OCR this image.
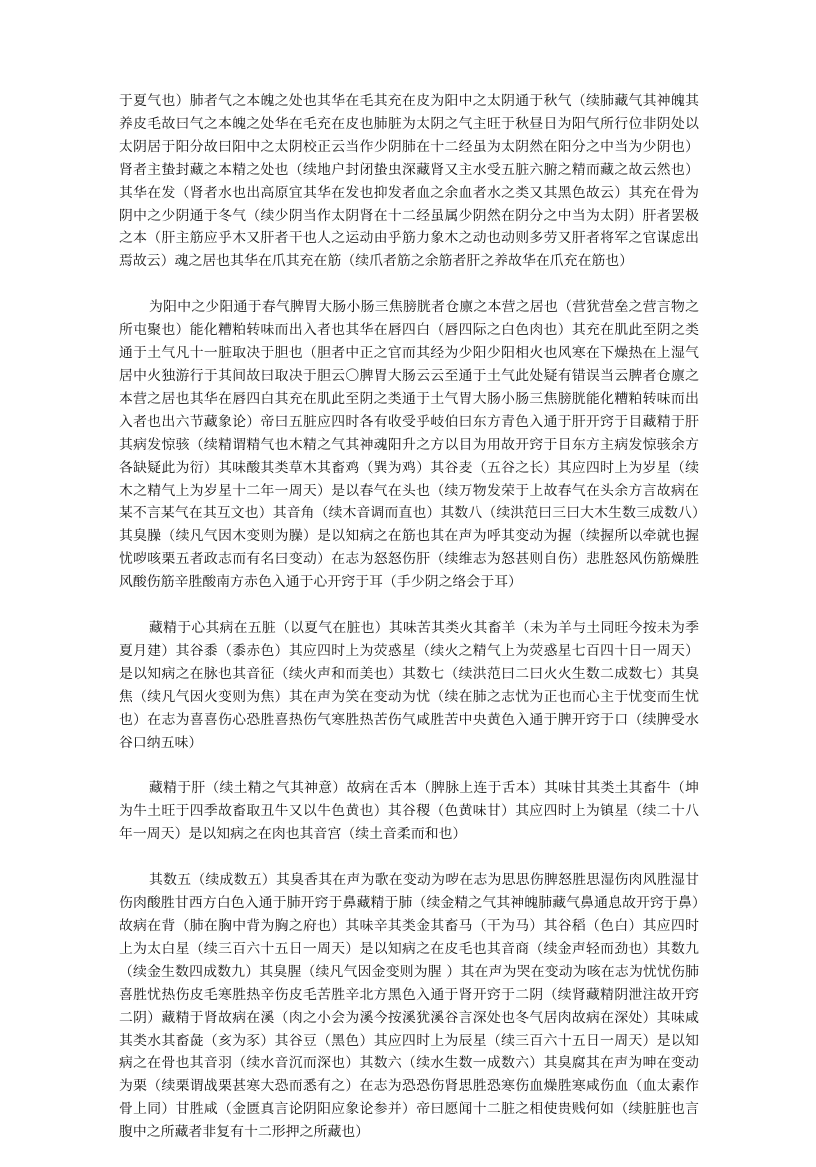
于夏气也）肺者气之本魄之处也其华在毛其充在皮为阳中之太阴通于秋气（续肺藏气其神魄其养皮毛故曰气之本魄之处华在毛充在皮也肺脏为太阴之气主旺于秋昼日为阳气所行位非阴处以太阴居于阳分故曰阳中之太阴校正云当作少阴肺在十二经虽为太阴然在阳分之中当为少阴也）肾者主蛰封藏之本精之处也（续地户封闭蛰虫深藏肾又主水受五脏六腑之精而藏之故云然也）其华在发（肾者水也出高原宜其华在发也抑发者血之余血者水之类又其黑色故云）其充在骨为阴中之少阴通于冬气（续少阴当作太阴肾在十二经虽属少阴然在阴分之中当为太阴）肝者罢极之本（肝主筋应乎木又肝者干也人之运动由乎筋力象木之动也动则多劳又肝者将军之官谋虑出焉故云）魂之居也其华在爪其充在筋（续爪者筋之余筋者肝之养故华在爪充在筋也）

为阳中之少阳通于春气脾胃大肠小肠三焦膀胱者仓廪之本营之居也（营犹营垒之营言物之所屯聚也）能化糟粕转味而出入者也其华在唇四白（唇四际之白色肉也）其充在肌此至阴之类通于土气凡十一脏取决于胆也（胆者中正之官而其经为少阳少阳相火也风寒在下燥热在上湿气居中火独游行于其间故曰取决于胆云〇脾胃大肠云云至通于土气此处疑有错误当云脾者仓廪之本营之居也其华在唇四白其充在肌此至阴之类通于土气胃大肠小肠三焦膀胱能化糟粕转味而出入者也出六节藏象论）帝曰五脏应四时各有收受乎岐伯曰东方青色入通于肝开窍于目藏精于肝其病发惊骇（续精谓精气也木精之气其神魂阳升之方以目为用故开窍于目东方主病发惊骇余方各缺疑此为衍）其味酸其类草木其畜鸡（巽为鸡）其谷麦（五谷之长）其应四时上为岁星（续木之精气上为岁星十二年一周天）是以春气在头也（续万物发荣于上故春气在头余方言故病在某不言某气在其互文也）其音角（续木音调而直也）其数八（续洪范曰三曰大木生数三成数八）其臭臊（续凡气因木变则为臊）是以知病之在筋也其在声为呼其变动为握（续握所以牵就也握忧哕咳栗五者政志而有名曰变动）在志为怒怒伤肝（续维志为怒甚则自伤）悲胜怒风伤筋燥胜风酸伤筋辛胜酸南方赤色入通于心开窍于耳（手少阴之络会于耳）

藏精于心其病在五脏（以夏气在脏也）其味苦其类火其畜羊（未为羊与土同旺今按未为季夏月建）其谷黍（黍赤色）其应四时上为荧惑星（续火之精气上为荧惑星七百四十日一周天）是以知病之在脉也其音征（续火声和而美也）其数七（续洪范曰二曰火火生数二成数七）其臭焦（续凡气因火变则为焦）其在声为笑在变动为忧（续在肺之志忧为正也而心主于忧变而生忧也）在志为喜喜伤心恐胜喜热伤气寒胜热苦伤气咸胜苦中央黄色入通于脾开窍于口（续脾受水谷口纳五味）

藏精于肝（续土精之气其神意）故病在舌本（脾脉上连于舌本）其味甘其类土其畜牛（坤为牛土旺于四季故畜取丑牛又以牛色黄也）其谷稷（色黄味甘）其应四时上为镇星（续二十八年一周天）是以知病之在肉也其音宫（续土音柔而和也）

其数五（续成数五）其臭香其在声为歌在变动为哕在志为思思伤脾怒胜思湿伤肉风胜湿甘伤肉酸胜甘西方白色入通于肺开窍于鼻藏精于肺（续金精之气其神魄肺藏气鼻通息故开窍于鼻）故病在背（肺在胸中背为胸之府也）其味辛其类金其畜马（干为马）其谷稻（色白）其应四时上为太白星（续三百六十五日一周天）是以知病之在皮毛也其音商（续金声轻而劲也）其数九（续金生数四成数九）其臭腥（续凡气因金变则为腥 ）其在声为哭在变动为咳在志为忧忧伤肺喜胜忧热伤皮毛寒胜热辛伤皮毛苦胜辛北方黑色入通于肾开窍于二阴（续肾藏精阴泄注故开窍二阴）藏精于肾故病在溪（肉之小会为溪今按溪犹溪谷言深处也冬气居肉故病在深处）其味咸其类水其畜彘（亥为豕）其谷豆（黑色）其应四时上为辰星（续三百六十五日一周天）是以知病之在骨也其音羽（续水音沉而深也）其数六（续水生数一成数六）其臭腐其在声为呻在变动为栗（续栗谓战栗甚寒大恐而悉有之）在志为恐恐伤肾思胜恐寒伤血燥胜寒咸伤血（血太素作骨上同）甘胜咸（金匮真言论阴阳应象论参并）帝曰愿闻十二脏之相使贵贱何如（续脏脏也言腹中之所藏者非复有十二形押之所藏也）
